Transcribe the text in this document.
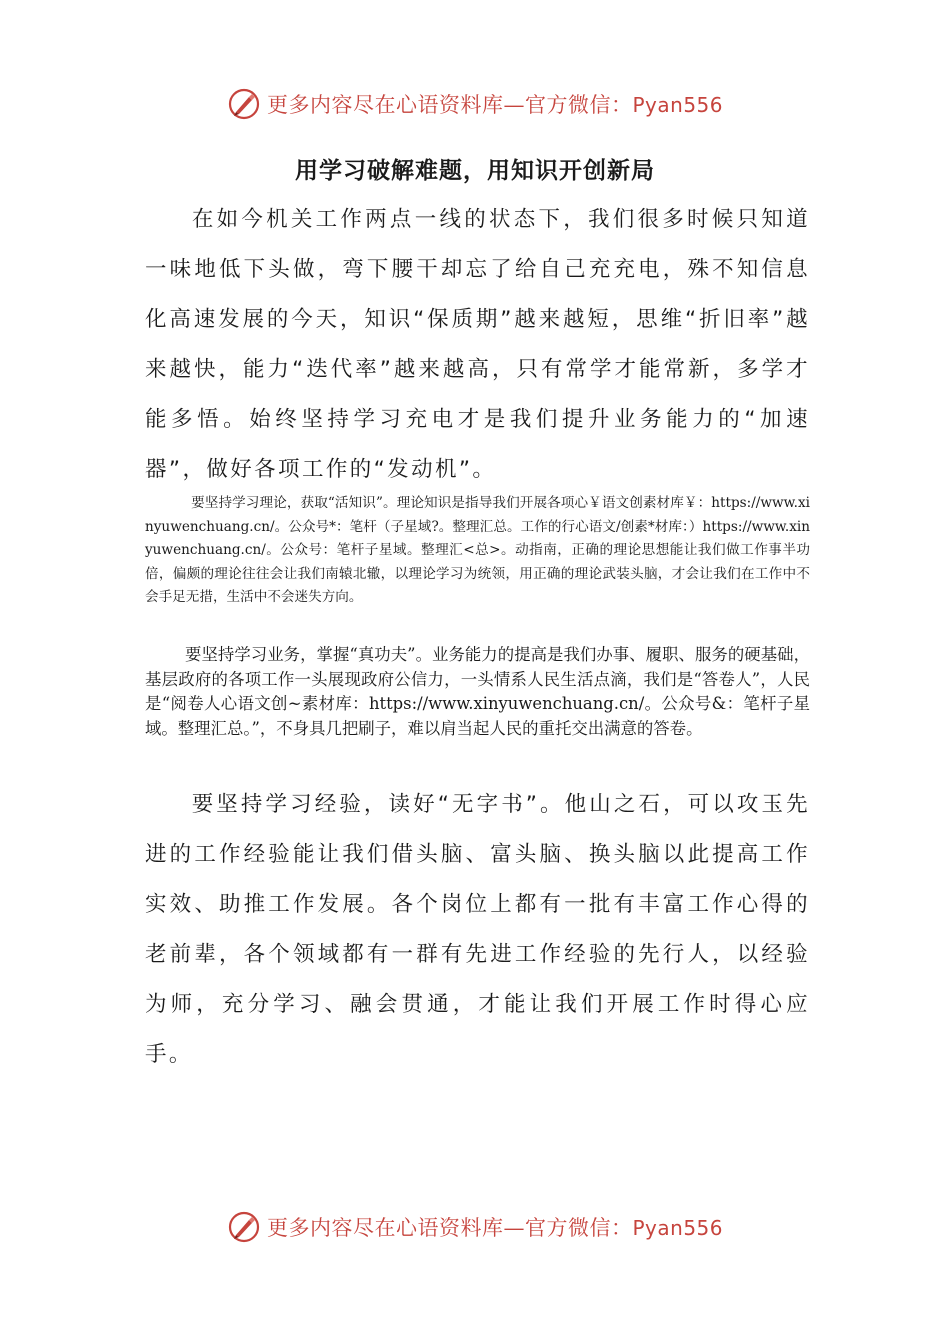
更多内容尽在心语资料库—官方微信：Pyan556
用学习破解难题，用知识开创新局

在如今机关工作两点一线的状态下，我们很多时候只知道一味地低下头做，弯下腰干却忘了给自己充充电，殊不知信息化高速发展的今天，知识“保质期”越来越短，思维“折旧率”越来越快，能力“迭代率”越来越高，只有常学才能常新，多学才能多悟。始终坚持学习充电才是我们提升业务能力的“加速器”，做好各项工作的“发动机”。

要坚持学习理论，获取“活知识”。理论知识是指导我们开展各项心￥语文创素材库￥：https://www.xinyuwenchuang.cn/。公众号*：笔杆（子星域?。整理汇总。工作的行心语文/创素*材库：）https://www.xinyuwenchuang.cn/。公众号：笔杆子星域。整理汇<总>。动指南，正确的理论思想能让我们做工作事半功倍，偏颇的理论往往会让我们南辕北辙，以理论学习为统领，用正确的理论武装头脑，才会让我们在工作中不会手足无措，生活中不会迷失方向。

要坚持学习业务，掌握“真功夫”。业务能力的提高是我们办事、履职、服务的硬基础，基层政府的各项工作一头展现政府公信力，一头情系人民生活点滴，我们是“答卷人”，人民是“阅卷人心语文创~素材库：https://www.xinyuwenchuang.cn/。公众号&：笔杆子星域。整理汇总。”，不身具几把刷子，难以肩当起人民的重托交出满意的答卷。

要坚持学习经验，读好“无字书”。他山之石，可以攻玉先进的工作经验能让我们借头脑、富头脑、换头脑以此提高工作实效、助推工作发展。各个岗位上都有一批有丰富工作心得的老前辈，各个领域都有一群有先进工作经验的先行人，以经验为师，充分学习、融会贯通，才能让我们开展工作时得心应手。

更多内容尽在心语资料库—官方微信：Pyan556
